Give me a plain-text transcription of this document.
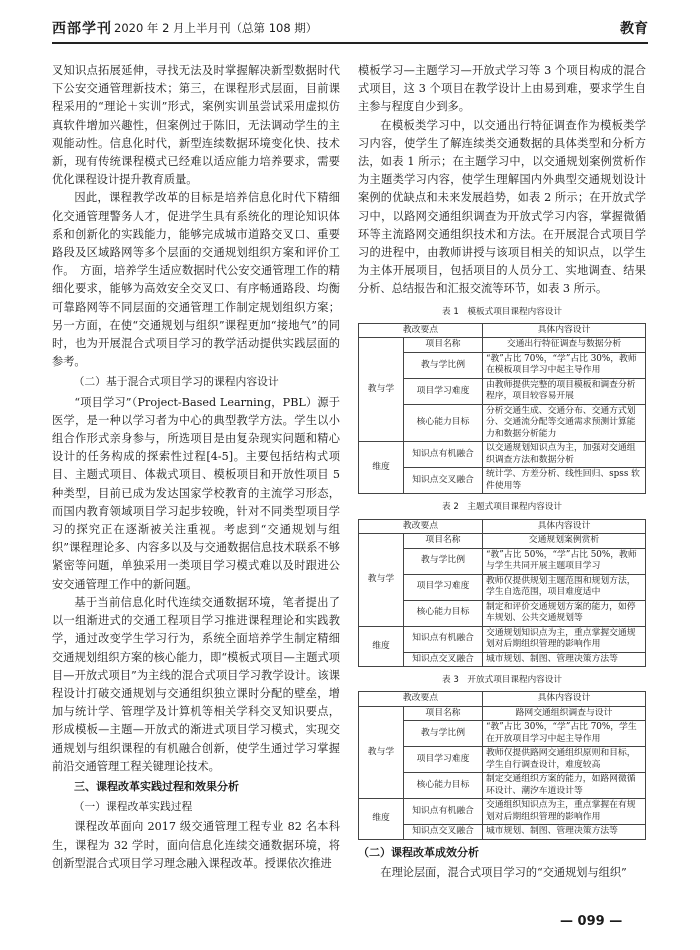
西部学刊 2020 年 2 月上半月刊（总第 108 期）	教育

叉知识点拓展延伸，寻找无法及时掌握解决新型数据时代下公安交通管理新技术；第三，在课程形式层面，目前课程采用的“理论＋实训”形式，案例实训虽尝试采用虚拟仿真软件增加兴趣性，但案例过于陈旧，无法调动学生的主观能动性。信息化时代，新型连续数据环境变化快、技术新，现有传统课程模式已经难以适应能力培养要求，需要优化课程设计提升教育质量。

因此，课程教学改革的目标是培养信息化时代下精细化交通管理警务人才，促进学生具有系统化的理论知识体系和创新化的实践能力，能够完成城市道路交叉口、重要路段及区域路网等多个层面的交通规划组织方案和评价工作。　方面，培养学生适应数据时代公安交通管理工作的精细化要求，能够为高效安全交叉口、有序畅通路段、均衡可靠路网等不同层面的交通管理工作制定规划组织方案；另一方面，在使“交通规划与组织”课程更加“接地气”的同时，也为开展混合式项目学习的教学活动提供实践层面的参考。

（二）基于混合式项目学习的课程内容设计

“项目学习”（Project-Based Learning，PBL）源于医学，是一种以学习者为中心的典型教学方法。学生以小组合作形式亲身参与，所选项目是由复杂现实问题和精心设计的任务构成的探索性过程[4-5]。主要包括结构式项目、主题式项目、体裁式项目、模板项目和开放性项目 5 种类型，目前已成为发达国家学校教育的主流学习形态，而国内教育领域项目学习起步较晚，针对不同类型项目学习的探究正在逐渐被关注重视。考虑到“交通规划与组织”课程理论多、内容多以及与交通数据信息技术联系不够紧密等问题，单独采用一类项目学习模式难以及时跟进公安交通管理工作中的新问题。

基于当前信息化时代连续交通数据环境，笔者提出了以一组渐进式的交通工程项目学习推进课程理论和实践教学，通过改变学生学习行为，系统全面培养学生制定精细交通规划组织方案的核心能力，即“模板式项目—主题式项目—开放式项目”为主线的混合式项目学习教学设计。该课程设计打破交通规划与交通组织独立课时分配的壁垒，增加与统计学、管理学及计算机等相关学科交叉知识要点，形成模板—主题—开放式的渐进式项目学习模式，实现交通规划与组织课程的有机融合创新，使学生通过学习掌握前沿交通管理工程关键理论技术。

三、课程改革实践过程和效果分析
（一）课程改革实践过程

课程改革面向 2017 级交通管理工程专业 82 名本科生，课程为 32 学时，面向信息化连续交通数据环境，将创新型混合式项目学习理念融入课程改革。授课依次推进

模板学习—主题学习—开放式学习等 3 个项目构成的混合式项目，这 3 个项目在教学设计上由易到难，要求学生自主参与程度自少到多。

在模板类学习中，以交通出行特征调查作为模板类学习内容，使学生了解连续类交通数据的具体类型和分析方法，如表 1 所示；在主题学习中，以交通规划案例赏析作为主题类学习内容，使学生理解国内外典型交通规划设计案例的优缺点和未来发展趋势，如表 2 所示；在开放式学习中，以路网交通组织调查为开放式学习内容，掌握微循环等主流路网交通组织技术和方法。在开展混合式项目学习的进程中，由教师讲授与该项目相关的知识点，以学生为主体开展项目，包括项目的人员分工、实地调查、结果分析、总结报告和汇报交流等环节，如表 3 所示。

表 1　模板式项目课程内容设计
教改要点		具体内容设计
教与学	项目名称	交通出行特征调查与数据分析
	教与学比例	“教”占比 70%，“学”占比 30%，教师在模板项目学习中起主导作用
	项目学习难度	由教师提供完整的项目模板和调查分析程序，项目较容易开展
	核心能力目标	分析交通生成、交通分布、交通方式划分、交通流分配等交通需求预测计算能力和数据分析能力
维度	知识点有机融合	以交通规划知识点为主，加强对交通组织调查方法和数据分析
	知识点交叉融合	统计学、方差分析、线性回归、spss 软件使用等
表 2　主题式项目课程内容设计
教改要点		具体内容设计
教与学	项目名称	交通规划案例赏析
	教与学比例	“教”占比 50%，“学”占比 50%，教师与学生共同开展主题项目学习
	项目学习难度	教师仅提供规划主题范围和规划方法，学生自选范围，项目难度适中
	核心能力目标	制定和评价交通规划方案的能力，如停车规划、公共交通规划等
维度	知识点有机融合	交通规划知识点为主，重点掌握交通规划对后期组织管理的影响作用
	知识点交叉融合	城市规划、制图、管理决策方法等
表 3　开放式项目课程内容设计
教改要点		具体内容设计
教与学	项目名称	路网交通组织调查与设计
	教与学比例	“教”占比 30%，“学”占比 70%，学生在开放项目学习中起主导作用
	项目学习难度	教师仅提供路网交通组织原则和目标，学生自行调查设计，难度较高
	核心能力目标	制定交通组织方案的能力，如路网微循环设计、潮汐车道设计等
维度	知识点有机融合	交通组织知识点为主，重点掌握在有规划对后期组织管理的影响作用
	知识点交叉融合	城市规划、制图、管理决策方法等
（二）课程改革成效分析

在理论层面，混合式项目学习的“交通规划与组织”

— 099 —
